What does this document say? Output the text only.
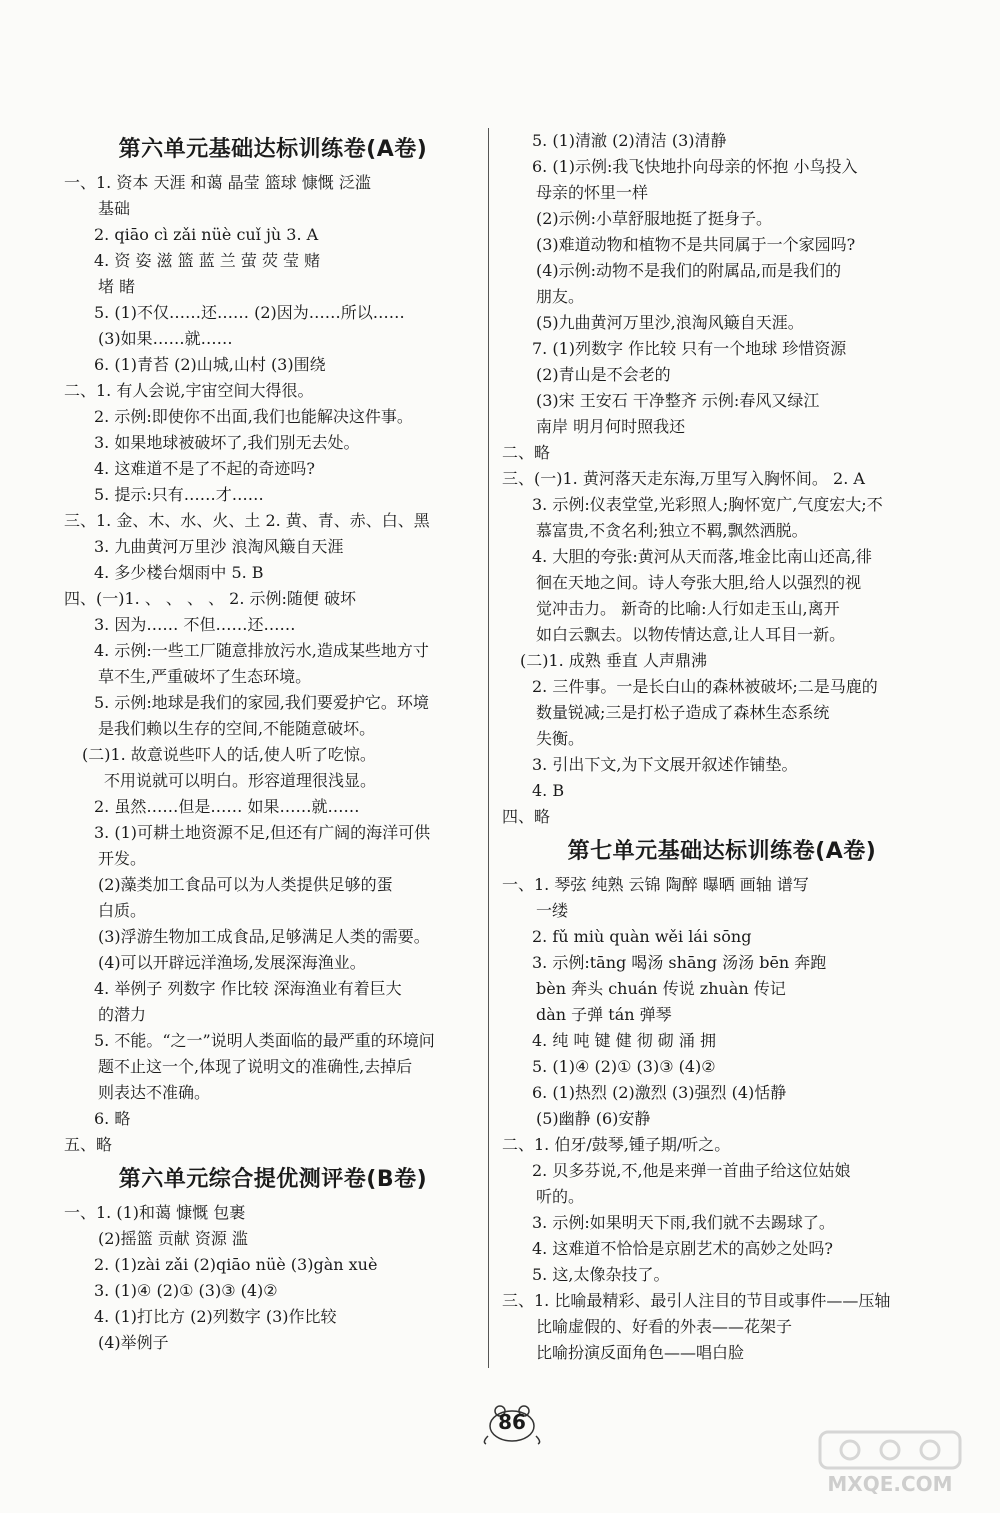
第六单元基础达标训练卷(A卷)
一、1. 资本 天涯 和蔼 晶莹 篮球 慷慨 泛滥
基础
2. qiāo cì zǎi nüè cuǐ jù 3. A
4. 资 姿 滋 篮 蓝 兰 萤 荧 莹 赌
堵 睹
5. (1)不仅……还…… (2)因为……所以……
(3)如果……就……
6. (1)青苔 (2)山城,山村 (3)围绕
二、1. 有人会说,宇宙空间大得很。
2. 示例:即使你不出面,我们也能解决这件事。
3. 如果地球被破坏了,我们别无去处。
4. 这难道不是了不起的奇迹吗?
5. 提示:只有……才……
三、1. 金、木、水、火、土 2. 黄、青、赤、白、黑
3. 九曲黄河万里沙 浪淘风簸自天涯
4. 多少楼台烟雨中 5. B
四、(一)1. 、 、 、 、 2. 示例:随便 破坏
3. 因为…… 不但……还……
4. 示例:一些工厂随意排放污水,造成某些地方寸
草不生,严重破坏了生态环境。
5. 示例:地球是我们的家园,我们要爱护它。环境
是我们赖以生存的空间,不能随意破坏。
(二)1. 故意说些吓人的话,使人听了吃惊。
不用说就可以明白。形容道理很浅显。
2. 虽然……但是…… 如果……就……
3. (1)可耕土地资源不足,但还有广阔的海洋可供
开发。
(2)藻类加工食品可以为人类提供足够的蛋
白质。
(3)浮游生物加工成食品,足够满足人类的需要。
(4)可以开辟远洋渔场,发展深海渔业。
4. 举例子 列数字 作比较 深海渔业有着巨大
的潜力
5. 不能。“之一”说明人类面临的最严重的环境问
题不止这一个,体现了说明文的准确性,去掉后
则表达不准确。
6. 略
五、略
第六单元综合提优测评卷(B卷)
一、1. (1)和蔼 慷慨 包裹
(2)摇篮 贡献 资源 滥
2. (1)zài zǎi (2)qiāo nüè (3)gàn xuè
3. (1)④ (2)① (3)③ (4)②
4. (1)打比方 (2)列数字 (3)作比较
(4)举例子
5. (1)清澈 (2)清洁 (3)清静
6. (1)示例:我飞快地扑向母亲的怀抱 小鸟投入
母亲的怀里一样
(2)示例:小草舒服地挺了挺身子。
(3)难道动物和植物不是共同属于一个家园吗?
(4)示例:动物不是我们的附属品,而是我们的
朋友。
(5)九曲黄河万里沙,浪淘风簸自天涯。
7. (1)列数字 作比较 只有一个地球 珍惜资源
(2)青山是不会老的
(3)宋 王安石 干净整齐 示例:春风又绿江
南岸 明月何时照我还
二、略
三、(一)1. 黄河落天走东海,万里写入胸怀间。 2. A
3. 示例:仪表堂堂,光彩照人;胸怀宽广,气度宏大;不
慕富贵,不贪名利;独立不羁,飘然洒脱。
4. 大胆的夸张:黄河从天而落,堆金比南山还高,徘
徊在天地之间。诗人夸张大胆,给人以强烈的视
觉冲击力。 新奇的比喻:人行如走玉山,离开
如白云飘去。以物传情达意,让人耳目一新。
(二)1. 成熟 垂直 人声鼎沸
2. 三件事。一是长白山的森林被破坏;二是马鹿的
数量锐减;三是打松子造成了森林生态系统
失衡。
3. 引出下文,为下文展开叙述作铺垫。
4. B
四、略
第七单元基础达标训练卷(A卷)
一、1. 琴弦 纯熟 云锦 陶醉 曝晒 画轴 谱写
一缕
2. fǔ miù quàn wěi lái sōng
3. 示例:tāng 喝汤 shāng 汤汤 bēn 奔跑
bèn 奔头 chuán 传说 zhuàn 传记
dàn 子弹 tán 弹琴
4. 纯 吨 键 健 彻 砌 涌 拥
5. (1)④ (2)① (3)③ (4)②
6. (1)热烈 (2)激烈 (3)强烈 (4)恬静
(5)幽静 (6)安静
二、1. 伯牙/鼓琴,锺子期/听之。
2. 贝多芬说,不,他是来弹一首曲子给这位姑娘
听的。
3. 示例:如果明天下雨,我们就不去踢球了。
4. 这难道不恰恰是京剧艺术的高妙之处吗?
5. 这,太像杂技了。
三、1. 比喻最精彩、最引人注目的节目或事件——压轴
比喻虚假的、好看的外表——花架子
比喻扮演反面角色——唱白脸
86
MXQE.COM
